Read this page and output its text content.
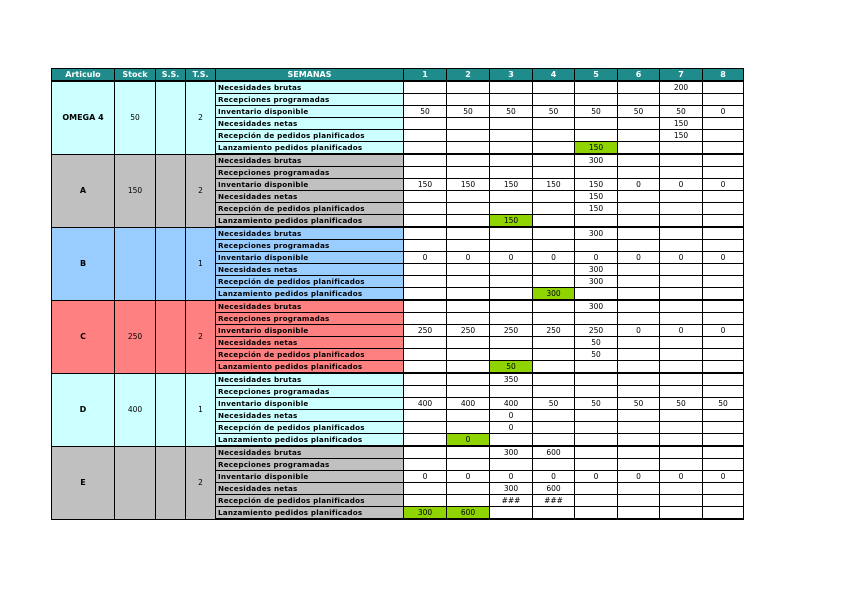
Articulo	Stock	S.S.	T.S.	SEMANAS	1	2	3	4	5	6	7	8
OMEGA 4	50		2	Necesidades brutas							200	
				Recepciones programadas								
				Inventario disponible	50	50	50	50	50	50	50	0
				Necesidades netas							150	
				Recepción de pedidos planificados							150	
				Lanzamiento pedidos planificados					150			
A	150		2	Necesidades brutas					300			
				Recepciones programadas								
				Inventario disponible	150	150	150	150	150	0	0	0
				Necesidades netas					150			
				Recepción de pedidos planificados					150			
				Lanzamiento pedidos planificados			150					
B			1	Necesidades brutas					300			
				Recepciones programadas								
				Inventario disponible	0	0	0	0	0	0	0	0
				Necesidades netas					300			
				Recepción de pedidos planificados					300			
				Lanzamiento pedidos planificados				300				
C	250		2	Necesidades brutas					300			
				Recepciones programadas								
				Inventario disponible	250	250	250	250	250	0	0	0
				Necesidades netas					50			
				Recepción de pedidos planificados					50			
				Lanzamiento pedidos planificados			50					
D	400		1	Necesidades brutas			350					
				Recepciones programadas								
				Inventario disponible	400	400	400	50	50	50	50	50
				Necesidades netas			0					
				Recepción de pedidos planificados			0					
				Lanzamiento pedidos planificados		0						
E			2	Necesidades brutas			300	600				
				Recepciones programadas								
				Inventario disponible	0	0	0	0	0	0	0	0
				Necesidades netas			300	600				
				Recepción de pedidos planificados			###	###				
				Lanzamiento pedidos planificados	300	600						
